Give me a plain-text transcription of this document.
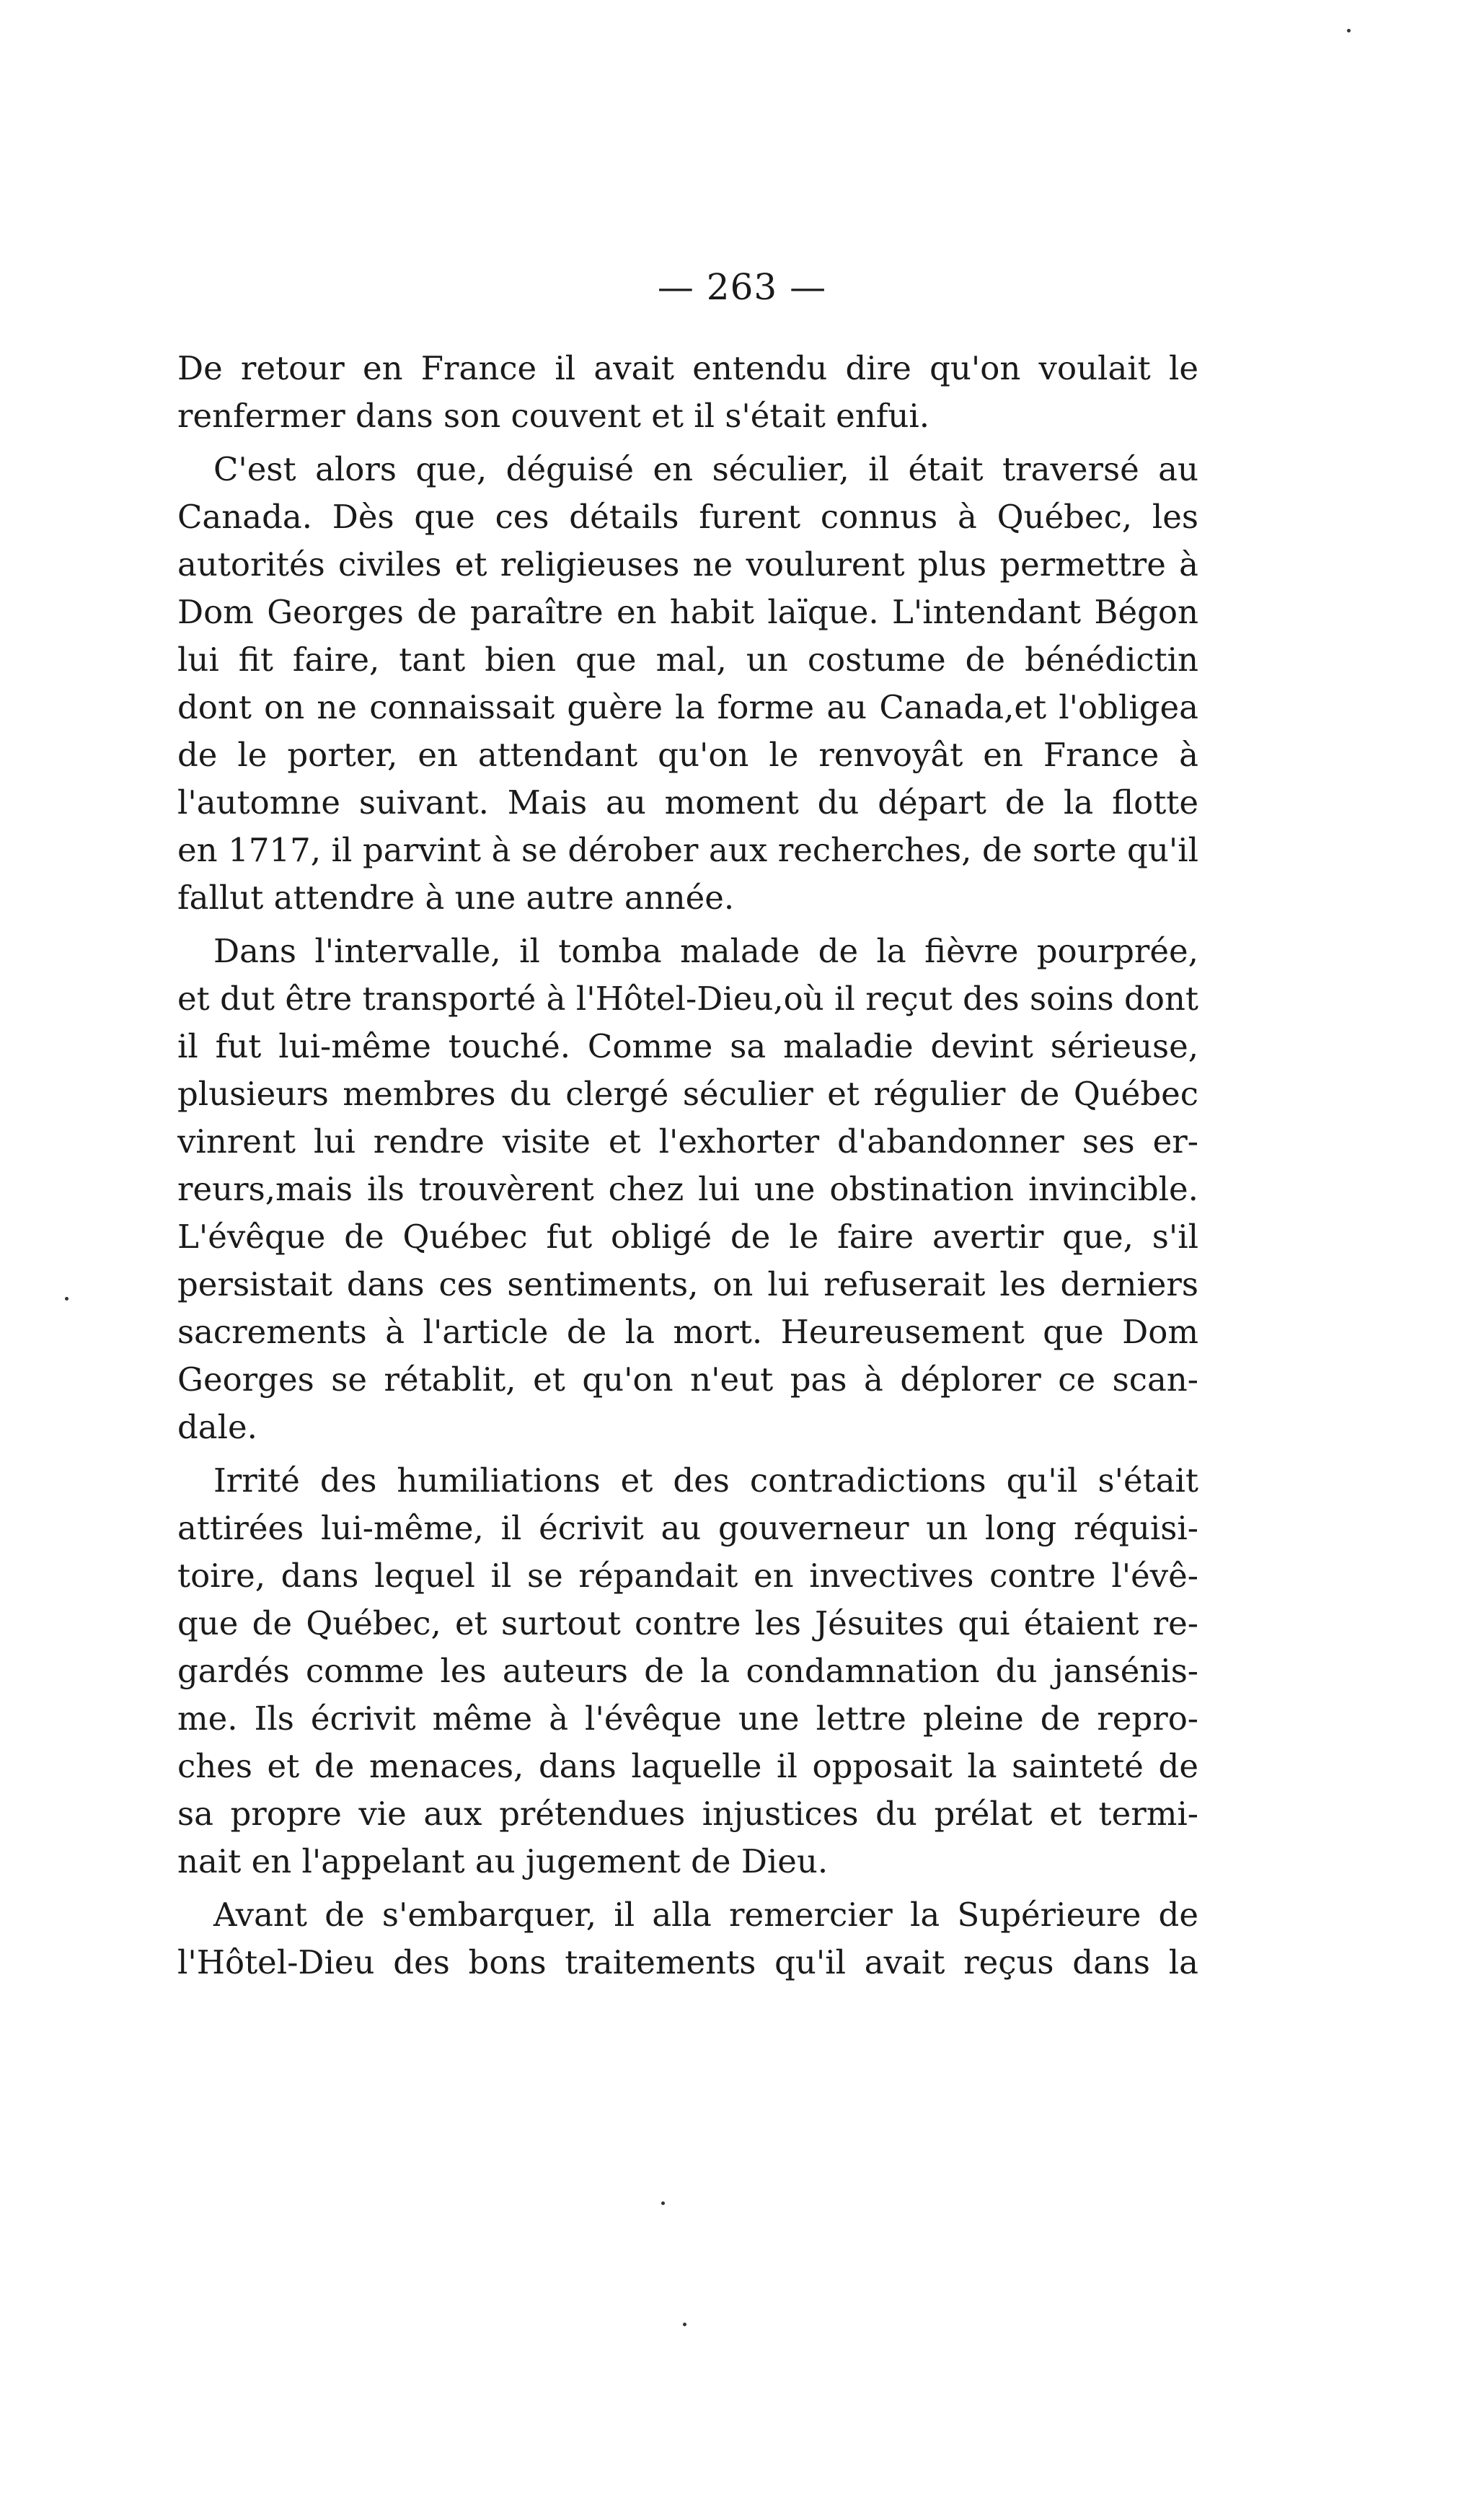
— 263 —
De retour en France il avait entendu dire qu'on voulait le
renfermer dans son couvent et il s'était enfui.
C'est alors que, déguisé en séculier, il était traversé au
Canada. Dès que ces détails furent connus à Québec, les
autorités civiles et religieuses ne voulurent plus permettre à
Dom Georges de paraître en habit laïque. L'intendant Bégon
lui fit faire, tant bien que mal, un costume de bénédictin
dont on ne connaissait guère la forme au Canada,et l'obligea
de le porter, en attendant qu'on le renvoyât en France à
l'automne suivant. Mais au moment du départ de la flotte
en 1717, il parvint à se dérober aux recherches, de sorte qu'il
fallut attendre à une autre année.
Dans l'intervalle, il tomba malade de la fièvre pourprée,
et dut être transporté à l'Hôtel-Dieu,où il reçut des soins dont
il fut lui-même touché. Comme sa maladie devint sérieuse,
plusieurs membres du clergé séculier et régulier de Québec
vinrent lui rendre visite et l'exhorter d'abandonner ses er-
reurs,mais ils trouvèrent chez lui une obstination invincible.
L'évêque de Québec fut obligé de le faire avertir que, s'il
persistait dans ces sentiments, on lui refuserait les derniers
sacrements à l'article de la mort. Heureusement que Dom
Georges se rétablit, et qu'on n'eut pas à déplorer ce scan-
dale.
Irrité des humiliations et des contradictions qu'il s'était
attirées lui-même, il écrivit au gouverneur un long réquisi-
toire, dans lequel il se répandait en invectives contre l'évê-
que de Québec, et surtout contre les Jésuites qui étaient re-
gardés comme les auteurs de la condamnation du jansénis-
me. Ils écrivit même à l'évêque une lettre pleine de repro-
ches et de menaces, dans laquelle il opposait la sainteté de
sa propre vie aux prétendues injustices du prélat et termi-
nait en l'appelant au jugement de Dieu.
Avant de s'embarquer, il alla remercier la Supérieure de
l'Hôtel-Dieu des bons traitements qu'il avait reçus dans la
